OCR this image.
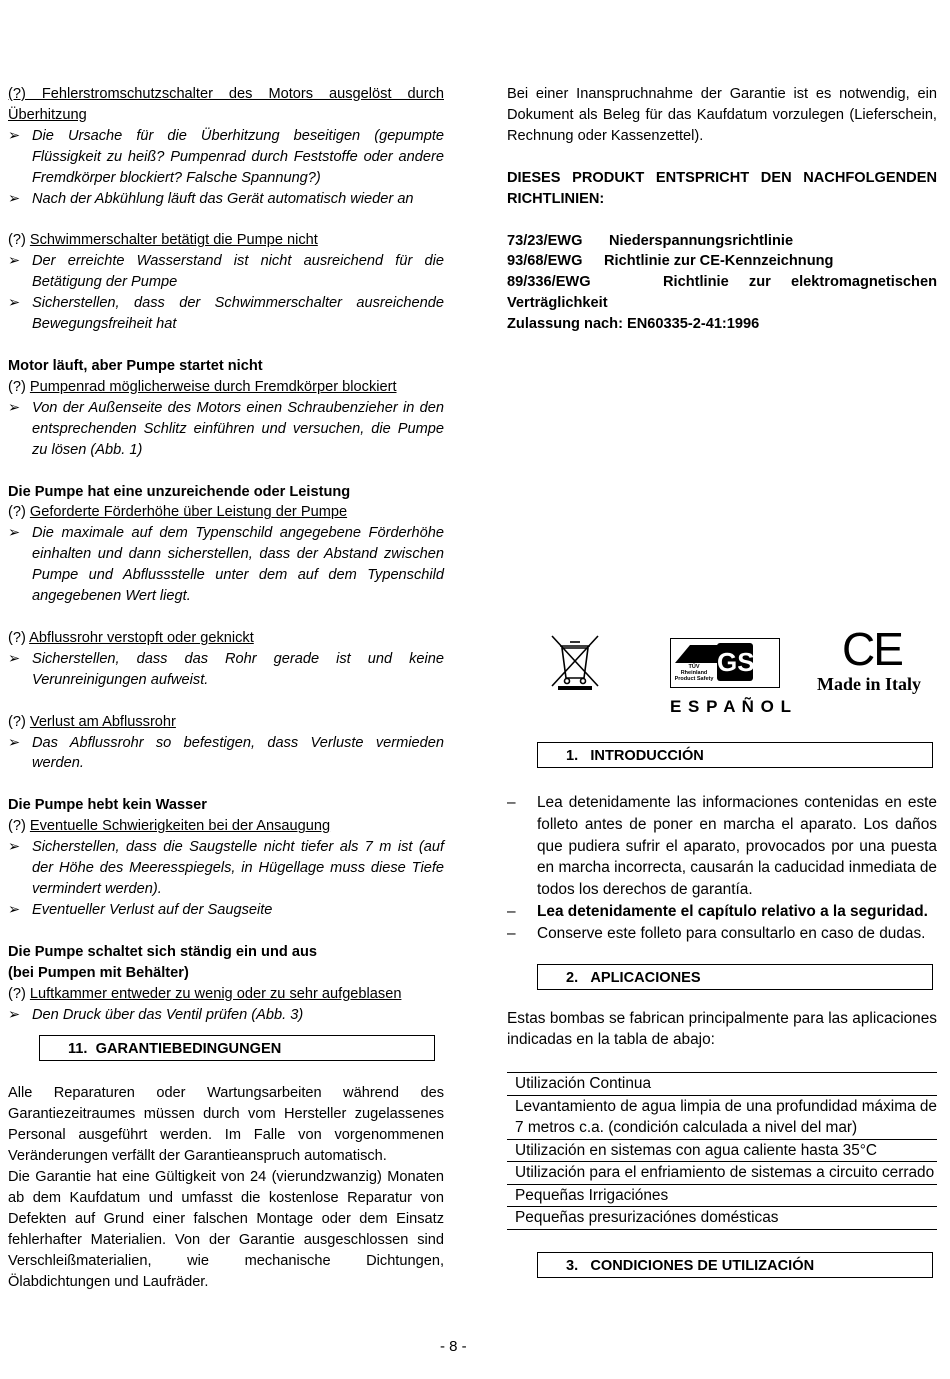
(?) Fehlerstromschutzschalter des Motors ausgelöst durch Überhitzung

➢ Die Ursache für die Überhitzung beseitigen (gepumpte Flüssigkeit zu heiß? Pumpenrad durch Feststoffe oder andere Fremdkörper blockiert? Falsche Spannung?)
➢ Nach der Abkühlung läuft das Gerät automatisch wieder an

(?) Schwimmerschalter betätigt die Pumpe nicht

➢ Der erreichte Wasserstand ist nicht ausreichend für die Betätigung der Pumpe
➢ Sicherstellen, dass der Schwimmerschalter ausreichende Bewegungsfreiheit hat

Motor läuft, aber Pumpe startet nicht

(?) Pumpenrad möglicherweise durch Fremdkörper blockiert

➢ Von der Außenseite des Motors einen Schraubenzieher in den entsprechenden Schlitz einführen und versuchen, die Pumpe zu lösen (Abb. 1)

Die Pumpe hat eine unzureichende oder Leistung

(?) Geforderte Förderhöhe über Leistung der Pumpe

➢ Die maximale auf dem Typenschild angegebene Förderhöhe einhalten und dann sicherstellen, dass der Abstand zwischen Pumpe und Abflussstelle unter dem auf dem Typenschild angegebenen Wert liegt.

(?) Abflussrohr verstopft oder geknickt

➢ Sicherstellen, dass das Rohr gerade ist und keine Verunreinigungen aufweist.

(?) Verlust am Abflussrohr

➢ Das Abflussrohr so befestigen, dass Verluste vermieden werden.

Die Pumpe hebt kein Wasser

(?) Eventuelle Schwierigkeiten bei der Ansaugung

➢ Sicherstellen, dass die Saugstelle nicht tiefer als 7 m ist (auf der Höhe des Meeresspiegels, in Hügellage muss diese Tiefe vermindert werden).
➢ Eventueller Verlust auf der Saugseite

Die Pumpe schaltet sich ständig ein und aus

(bei Pumpen mit Behälter)

(?) Luftkammer entweder zu wenig oder zu sehr aufgeblasen

➢ Den Druck über das Ventil prüfen (Abb. 3)
11. GARANTIEBEDINGUNGEN

Alle Reparaturen oder Wartungsarbeiten während des Garantiezeitraumes müssen durch vom Hersteller zugelassenes Personal ausgeführt werden. Im Falle von vorgenommenen Veränderungen verfällt der Garantieanspruch automatisch.

Die Garantie hat eine Gültigkeit von 24 (vierundzwanzig) Monaten ab dem Kaufdatum und umfasst die kostenlose Reparatur von Defekten auf Grund einer falschen Montage oder dem Einsatz fehlerhafter Materialien. Von der Garantie ausgeschlossen sind Verschleißmaterialien, wie mechanische Dichtungen, Ölabdichtungen und Laufräder.

Bei einer Inanspruchnahme der Garantie ist es notwendig, ein Dokument als Beleg für das Kaufdatum vorzulegen (Lieferschein, Rechnung oder Kassenzettel).

DIESES PRODUKT ENTSPRICHT DEN NACHFOLGENDEN RICHTLINIEN:

73/23/EWG Niederspannungsrichtlinie

93/68/EWG Richtlinie zur CE-Kennzeichnung

89/336/EWG	Richtlinie zur elektromagnetischen Verträglichkeit

Zulassung nach: EN60335-2-41:1996

TÜV
Rheinland
Product Safety
GS CE
Made in Italy
E S P A Ñ O L
1. INTRODUCCIÓN
– Lea detenidamente las informaciones contenidas en este folleto antes de poner en marcha el aparato. Los daños que pudiera sufrir el aparato, provocados por una puesta en marcha incorrecta, causarán la caducidad inmediata de todos los derechos de garantía.
– Lea detenidamente el capítulo relativo a la seguridad.
– Conserve este folleto para consultarlo en caso de dudas.
2. APLICACIONES

Estas bombas se fabrican principalmente para las aplicaciones indicadas en la tabla de abajo:

Utilización Continua
Levantamiento de agua limpia de una profundidad máxima de 7 metros c.a. (condición calculada a nivel del mar)
Utilización en sistemas con agua caliente hasta 35°C
Utilización para el enfriamiento de sistemas a circuito cerrado
Pequeñas Irrigaciónes
Pequeñas presurizaciónes domésticas
3. CONDICIONES DE UTILIZACIÓN
- 8 -
